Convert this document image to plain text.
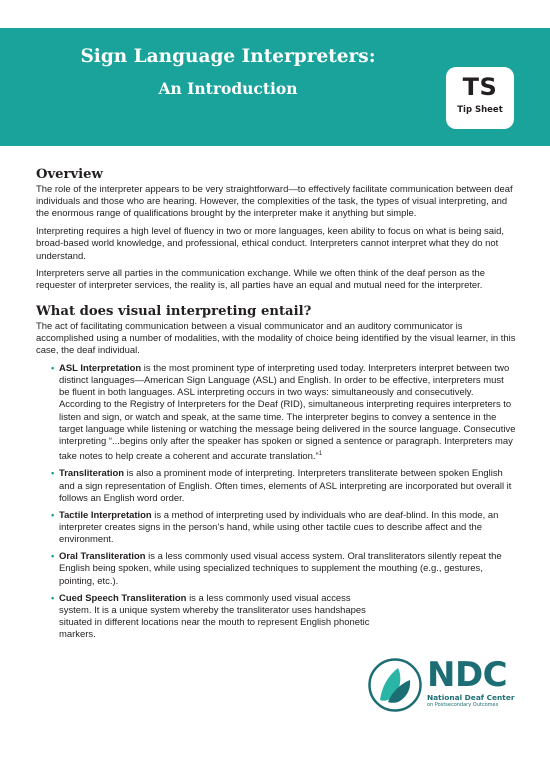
Sign Language Interpreters:
An Introduction	TS
Tip Sheet
Overview

The role of the interpreter appears to be very straightforward—to effectively facilitate communication between deaf individuals and those who are hearing. However, the complexities of the task, the types of visual interpreting, and the enormous range of qualifications brought by the interpreter make it anything but simple.

Interpreting requires a high level of fluency in two or more languages, keen ability to focus on what is being said, broad-based world knowledge, and professional, ethical conduct. Interpreters cannot interpret what they do not understand.

Interpreters serve all parties in the communication exchange. While we often think of the deaf person as the requester of interpreter services, the reality is, all parties have an equal and mutual need for the interpreter.

What does visual interpreting entail?

The act of facilitating communication between a visual communicator and an auditory communicator is accomplished using a number of modalities, with the modality of choice being identified by the visual learner, in this case, the deaf individual.

• ASL Interpretation is the most prominent type of interpreting used today. Interpreters interpret between two distinct languages—American Sign Language (ASL) and English. In order to be effective, interpreters must be fluent in both languages. ASL interpreting occurs in two ways: simultaneously and consecutively. According to the Registry of Interpreters for the Deaf (RID), simultaneous interpreting requires interpreters to listen and sign, or watch and speak, at the same time. The interpreter begins to convey a sentence in the target language while listening or watching the message being delivered in the source language. Consecutive interpreting “...begins only after the speaker has spoken or signed a sentence or paragraph. Interpreters may take notes to help create a coherent and accurate translation.”$^1$
• Transliteration is also a prominent mode of interpreting. Interpreters transliterate between spoken English and a sign representation of English. Often times, elements of ASL interpreting are incorporated but overall it follows an English word order.
• Tactile Interpretation is a method of interpreting used by individuals who are deaf-blind. In this mode, an interpreter creates signs in the person’s hand, while using other tactile cues to describe affect and the environment.
• Oral Transliteration is a less commonly used visual access system. Oral transliterators silently repeat the English being spoken, while using specialized techniques to supplement the mouthing (e.g., gestures, pointing, etc.).
• Cued Speech Transliteration is a less commonly used visual access system. It is a unique system whereby the transliterator uses handshapes situated in different locations near the mouth to represent English phonetic markers.
NDC
National Deaf Center
on Postsecondary Outcomes
